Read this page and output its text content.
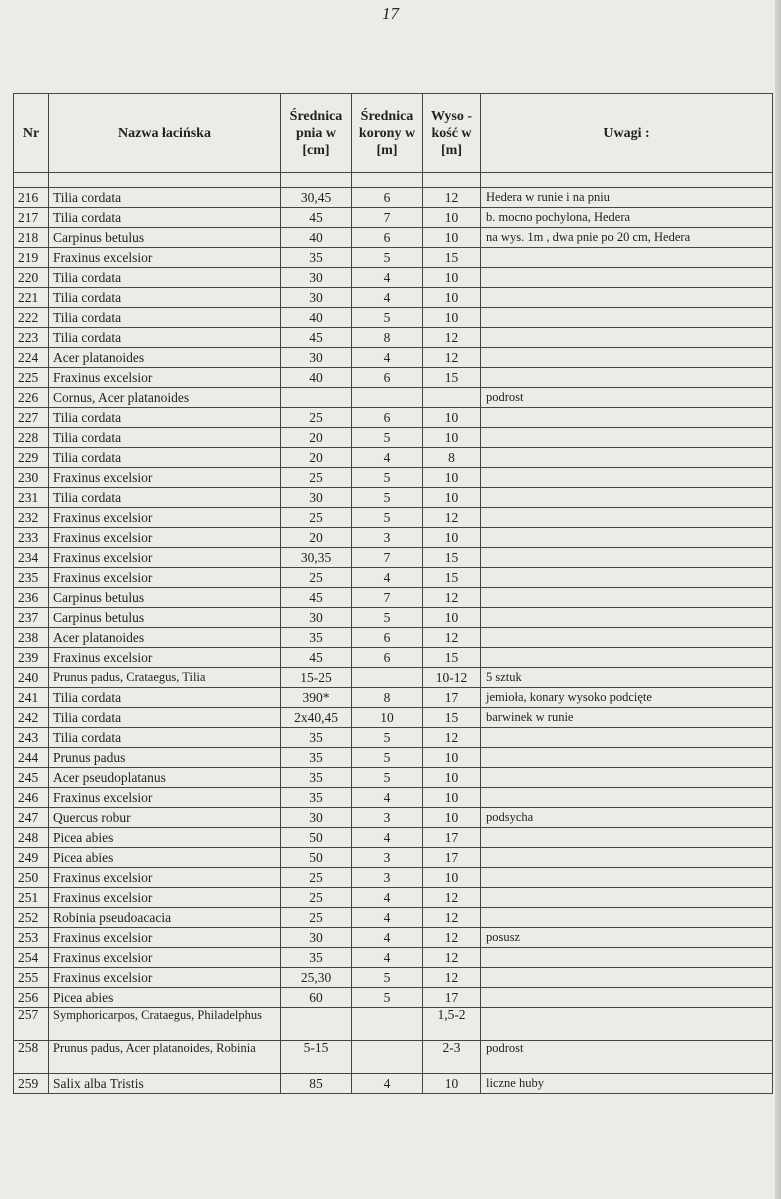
17
Nr	Nazwa łacińska	Średnica pnia w [cm]	Średnica korony w [m]	Wyso -kość w [m]	Uwagi :

216	Tilia cordata	30,45	6	12	Hedera w runie i na pniu
217	Tilia cordata	45	7	10	b. mocno pochylona, Hedera
218	Carpinus betulus	40	6	10	na wys. 1m , dwa pnie po 20 cm, Hedera
219	Fraxinus excelsior	35	5	15	
220	Tilia cordata	30	4	10	
221	Tilia cordata	30	4	10	
222	Tilia cordata	40	5	10	
223	Tilia cordata	45	8	12	
224	Acer platanoides	30	4	12	
225	Fraxinus excelsior	40	6	15	
226	Cornus, Acer platanoides				podrost
227	Tilia cordata	25	6	10	
228	Tilia cordata	20	5	10	
229	Tilia cordata	20	4	8	
230	Fraxinus excelsior	25	5	10	
231	Tilia cordata	30	5	10	
232	Fraxinus excelsior	25	5	12	
233	Fraxinus excelsior	20	3	10	
234	Fraxinus excelsior	30,35	7	15	
235	Fraxinus excelsior	25	4	15	
236	Carpinus betulus	45	7	12	
237	Carpinus betulus	30	5	10	
238	Acer platanoides	35	6	12	
239	Fraxinus excelsior	45	6	15	
240	Prunus padus, Crataegus, Tilia	15-25		10-12	5 sztuk
241	Tilia cordata	390*	8	17	jemioła, konary wysoko podcięte
242	Tilia cordata	2x40,45	10	15	barwinek w runie
243	Tilia cordata	35	5	12	
244	Prunus padus	35	5	10	
245	Acer pseudoplatanus	35	5	10	
246	Fraxinus excelsior	35	4	10	
247	Quercus robur	30	3	10	podsycha
248	Picea abies	50	4	17	
249	Picea abies	50	3	17	
250	Fraxinus excelsior	25	3	10	
251	Fraxinus excelsior	25	4	12	
252	Robinia pseudoacacia	25	4	12	
253	Fraxinus excelsior	30	4	12	posusz
254	Fraxinus excelsior	35	4	12	
255	Fraxinus excelsior	25,30	5	12	
256	Picea abies	60	5	17	
257	Symphoricarpos, Crataegus, Philadelphus			1,5-2	
258	Prunus padus, Acer platanoides, Robinia	5-15		2-3	podrost
259	Salix alba Tristis	85	4	10	liczne huby
